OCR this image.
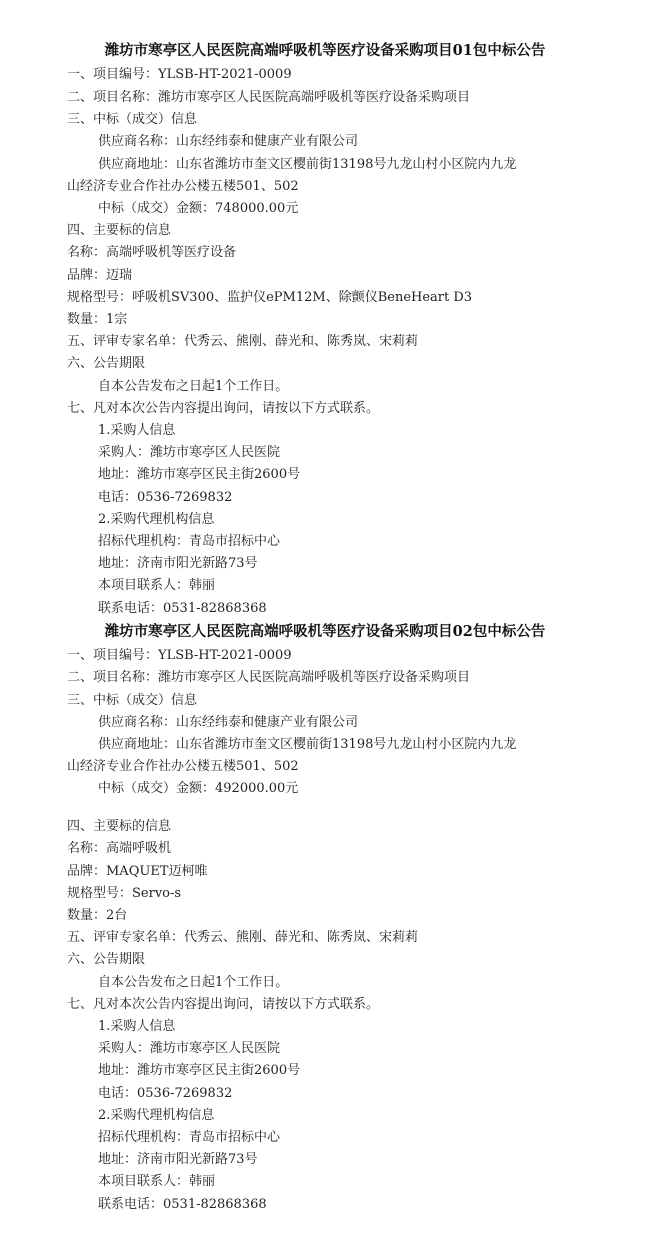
潍坊市寒亭区人民医院高端呼吸机等医疗设备采购项目01包中标公告
一、项目编号：YLSB-HT-2021-0009
二、项目名称：潍坊市寒亭区人民医院高端呼吸机等医疗设备采购项目
三、中标（成交）信息
供应商名称：山东经纬泰和健康产业有限公司
供应商地址：山东省潍坊市奎文区樱前街13198号九龙山村小区院内九龙
山经济专业合作社办公楼五楼501、502
中标（成交）金额：748000.00元
四、主要标的信息
名称：高端呼吸机等医疗设备
品牌：迈瑞
规格型号：呼吸机SV300、监护仪ePM12M、除颤仪BeneHeart D3
数量：1宗
五、评审专家名单：代秀云、熊刚、薛光和、陈秀岚、宋莉莉
六、公告期限
自本公告发布之日起1个工作日。
七、凡对本次公告内容提出询问，请按以下方式联系。
1.采购人信息
采购人：潍坊市寒亭区人民医院
地址：潍坊市寒亭区民主街2600号
电话：0536-7269832
2.采购代理机构信息
招标代理机构：青岛市招标中心
地址：济南市阳光新路73号
本项目联系人：韩丽
联系电话：0531-82868368
潍坊市寒亭区人民医院高端呼吸机等医疗设备采购项目02包中标公告
一、项目编号：YLSB-HT-2021-0009
二、项目名称：潍坊市寒亭区人民医院高端呼吸机等医疗设备采购项目
三、中标（成交）信息
供应商名称：山东经纬泰和健康产业有限公司
供应商地址：山东省潍坊市奎文区樱前街13198号九龙山村小区院内九龙
山经济专业合作社办公楼五楼501、502
中标（成交）金额：492000.00元
四、主要标的信息
名称：高端呼吸机
品牌：MAQUET迈柯唯
规格型号：Servo-s
数量：2台
五、评审专家名单：代秀云、熊刚、薛光和、陈秀岚、宋莉莉
六、公告期限
自本公告发布之日起1个工作日。
七、凡对本次公告内容提出询问，请按以下方式联系。
1.采购人信息
采购人：潍坊市寒亭区人民医院
地址：潍坊市寒亭区民主街2600号
电话：0536-7269832
2.采购代理机构信息
招标代理机构：青岛市招标中心
地址：济南市阳光新路73号
本项目联系人：韩丽
联系电话：0531-82868368
